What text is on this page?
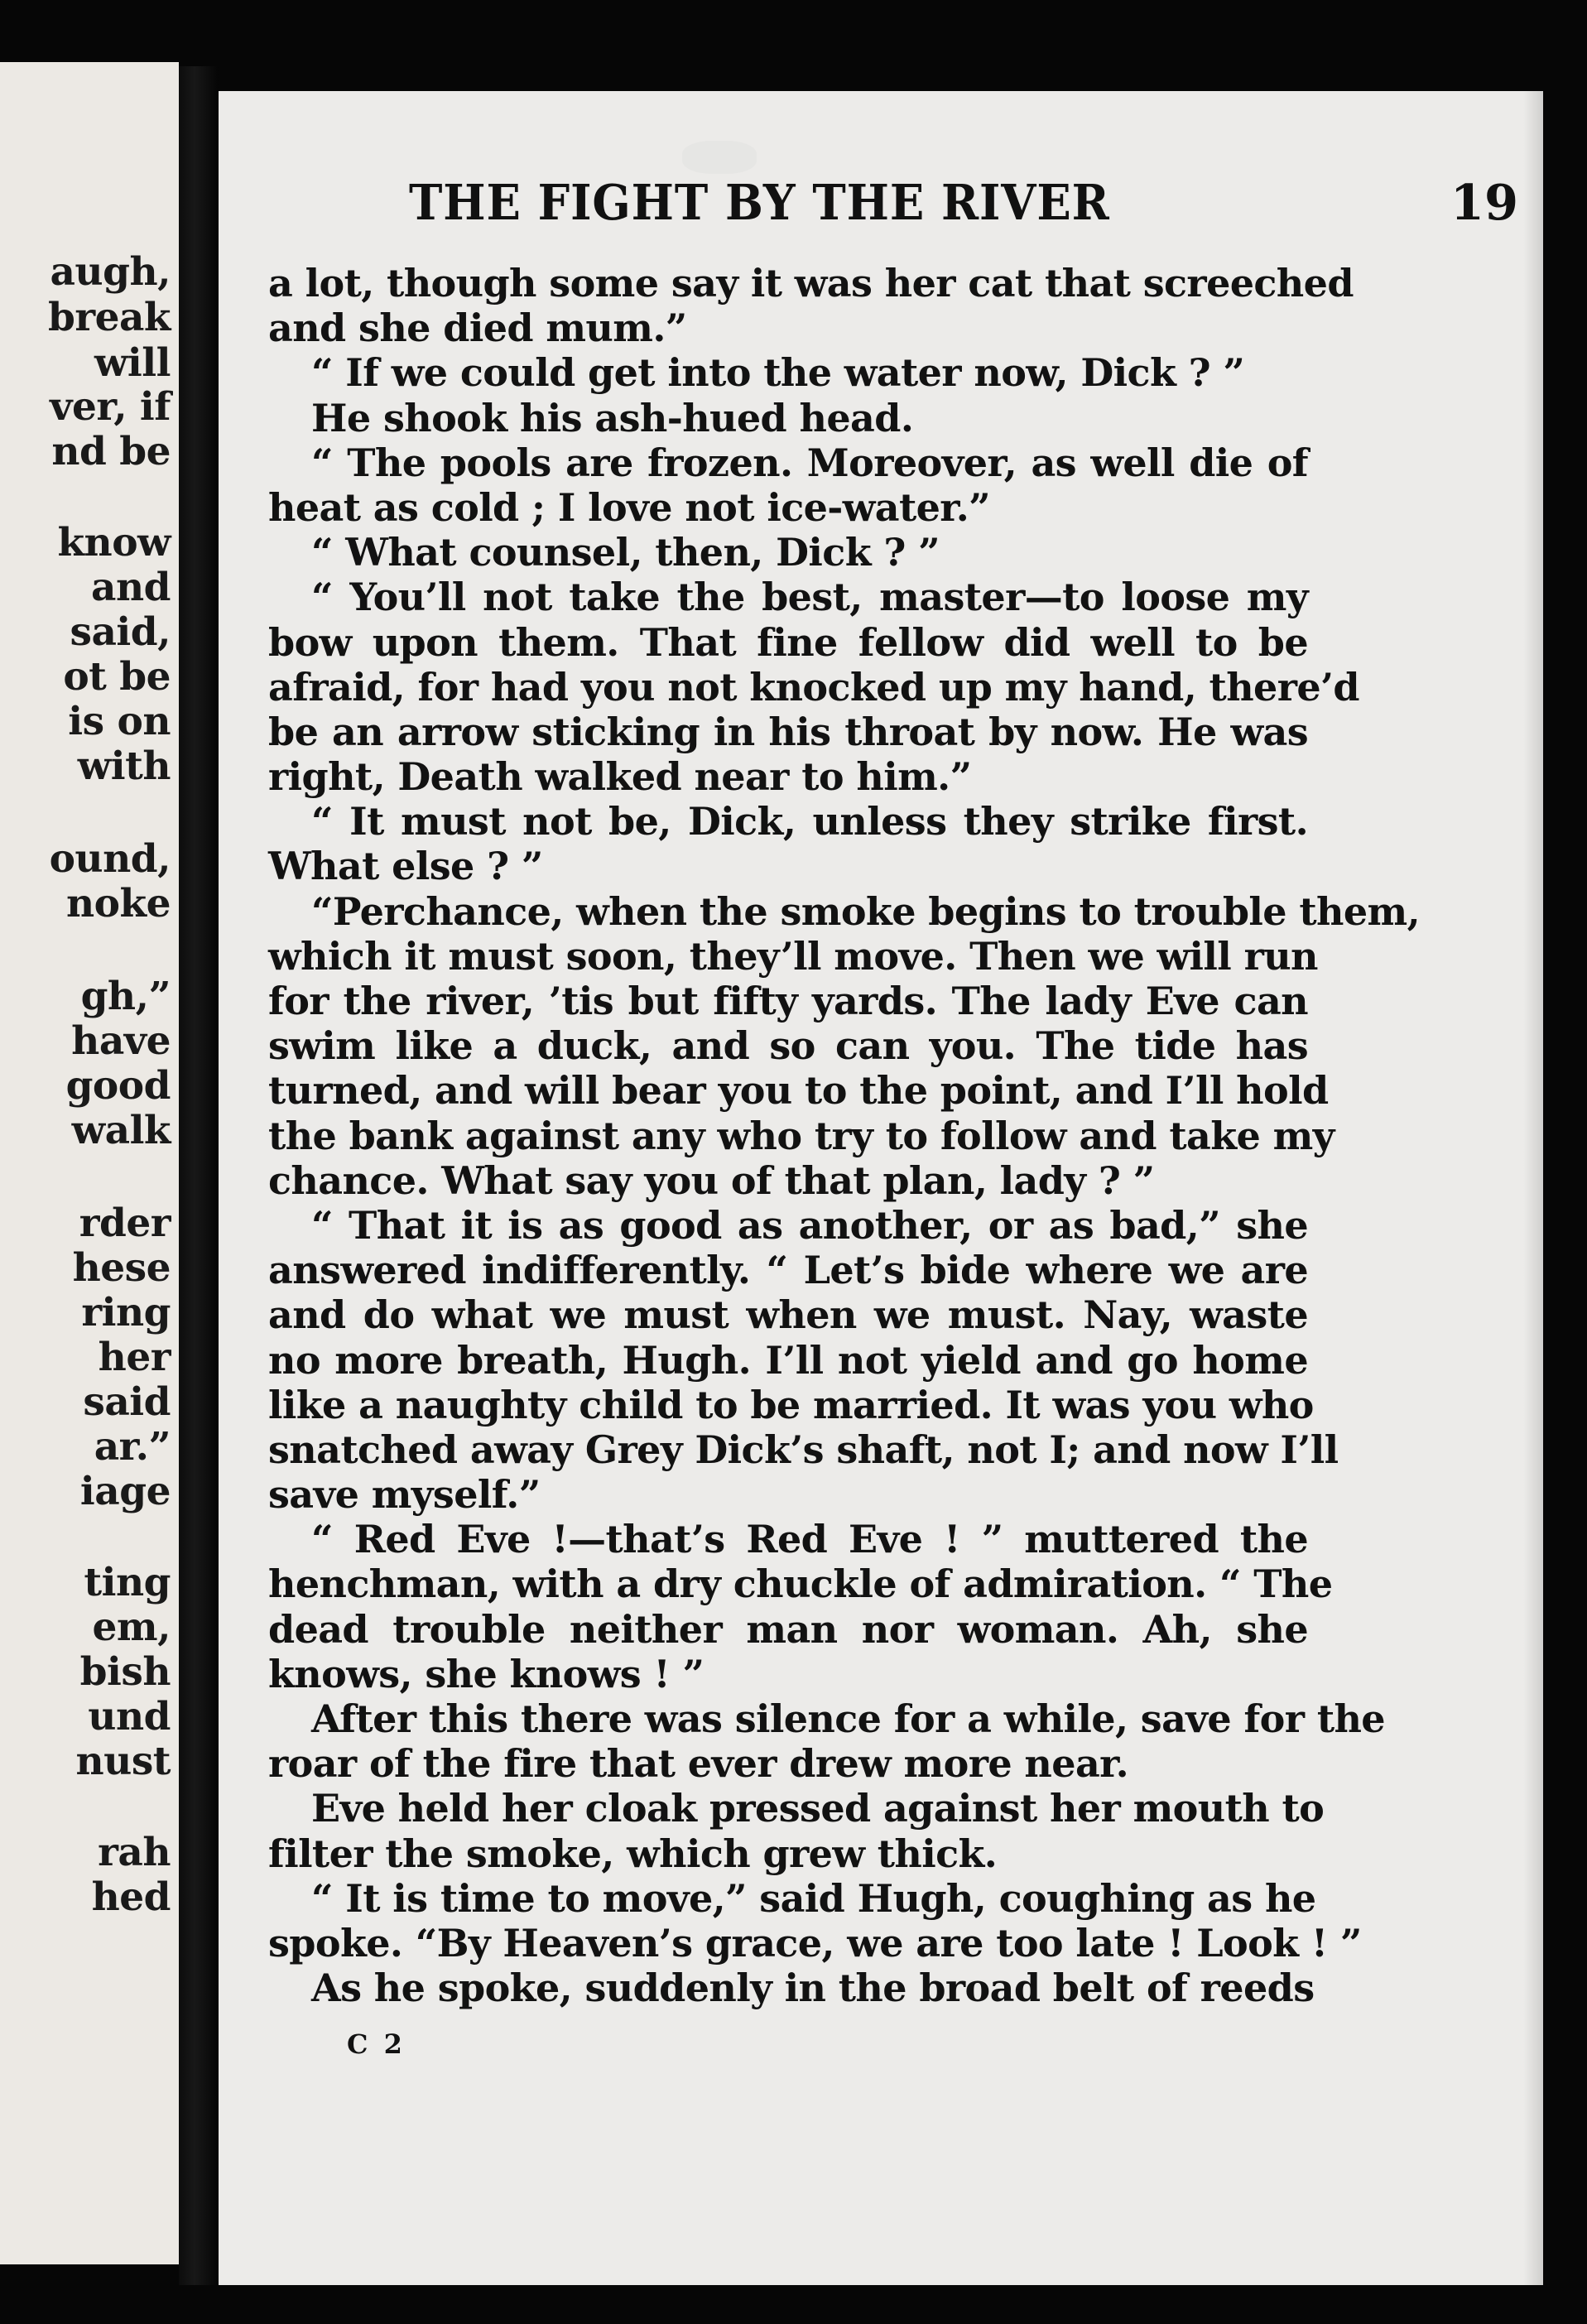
augh,
break
will
ver, if
nd be
know
and
said,
ot be
is on
with
ound,
noke
gh,”
have
good
walk
rder
hese
ring
her
said
ar.”
iage
ting
em,
bish
und
nust
rah
hed
THE FIGHT BY THE RIVER	19
a lot, though some say it was her cat that screeched
and she died mum.”
“ If we could get into the water now, Dick ? ”
He shook his ash-hued head.
“ The pools are frozen. Moreover, as well die of
heat as cold ; I love not ice-water.”
“ What counsel, then, Dick ? ”
“ You’ll not take the best, master—to loose my
bow upon them. That fine fellow did well to be
afraid, for had you not knocked up my hand, there’d
be an arrow sticking in his throat by now. He was
right, Death walked near to him.”
“ It must not be, Dick, unless they strike first.
What else ? ”
“Perchance, when the smoke begins to trouble them,
which it must soon, they’ll move. Then we will run
for the river, ’tis but fifty yards. The lady Eve can
swim like a duck, and so can you. The tide has
turned, and will bear you to the point, and I’ll hold
the bank against any who try to follow and take my
chance. What say you of that plan, lady ? ”
“ That it is as good as another, or as bad,” she
answered indifferently. “ Let’s bide where we are
and do what we must when we must. Nay, waste
no more breath, Hugh. I’ll not yield and go home
like a naughty child to be married. It was you who
snatched away Grey Dick’s shaft, not I; and now I’ll
save myself.”
“ Red Eve !—that’s Red Eve ! ” muttered the
henchman, with a dry chuckle of admiration. “ The
dead trouble neither man nor woman. Ah, she
knows, she knows ! ”
After this there was silence for a while, save for the
roar of the fire that ever drew more near.
Eve held her cloak pressed against her mouth to
filter the smoke, which grew thick.
“ It is time to move,” said Hugh, coughing as he
spoke. “By Heaven’s grace, we are too late ! Look ! ”
As he spoke, suddenly in the broad belt of reeds
C 2
